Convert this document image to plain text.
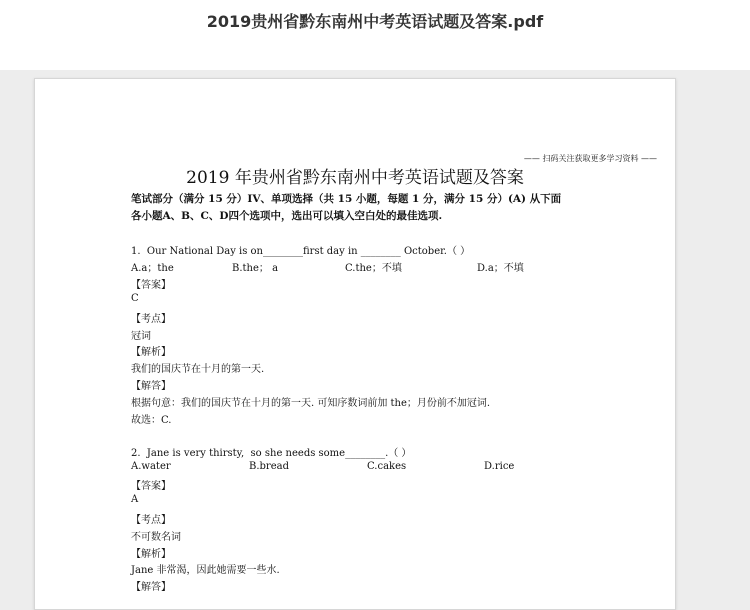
2019贵州省黔东南州中考英语试题及答案.pdf
—— 扫码关注获取更多学习资料 ——
2019 年贵州省黔东南州中考英语试题及答案
笔试部分（满分 15 分）IV、单项选择（共 15 小题，每题 1 分，满分 15 分）(A) 从下面
各小题A、B、C、D四个选项中，选出可以填入空白处的最佳选项.
1.  Our National Day is on________first day in ________ October.（ ）
A.a；the	B.the； a	C.the；不填	D.a；不填
【答案】
C
【考点】
冠词
【解析】
我们的国庆节在十月的第一天.
【解答】
根据句意：我们的国庆节在十月的第一天. 可知序数词前加 the；月份前不加冠词.
故选：C.
2.  Jane is very thirsty,  so she needs some________.（ ）
A.water	B.bread	C.cakes	D.rice
【答案】
A
【考点】
不可数名词
【解析】
Jane 非常渴，因此她需要一些水.
【解答】
